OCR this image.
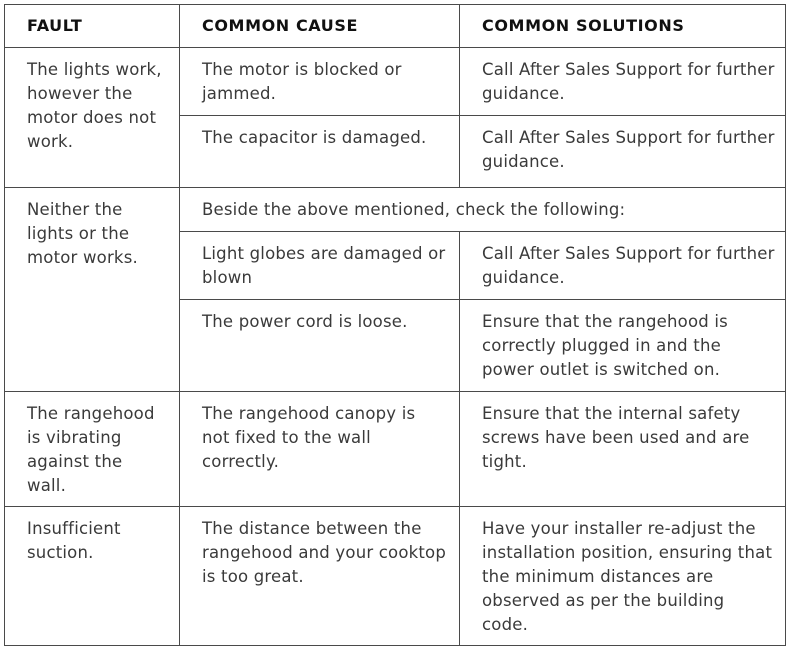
FAULT	COMMON CAUSE	COMMON SOLUTIONS

The lights work, however the motor does not work.	The motor is blocked or jammed.	Call After Sales Support for further guidance.

	The capacitor is damaged.	Call After Sales Support for further guidance.

Neither the lights or the motor works.	Beside the above mentioned, check the following:	

	Light globes are damaged or blown	Call After Sales Support for further guidance.

	The power cord is loose.	Ensure that the rangehood is correctly plugged in and the power outlet is switched on.

The rangehood is vibrating against the wall.	The rangehood canopy is not fixed to the wall correctly.	Ensure that the internal safety screws have been used and are tight.

Insufficient suction.	The distance between the rangehood and your cooktop is too great.	Have your installer re-adjust the installation position, ensuring that
the minimum distances are observed as per the building code.
